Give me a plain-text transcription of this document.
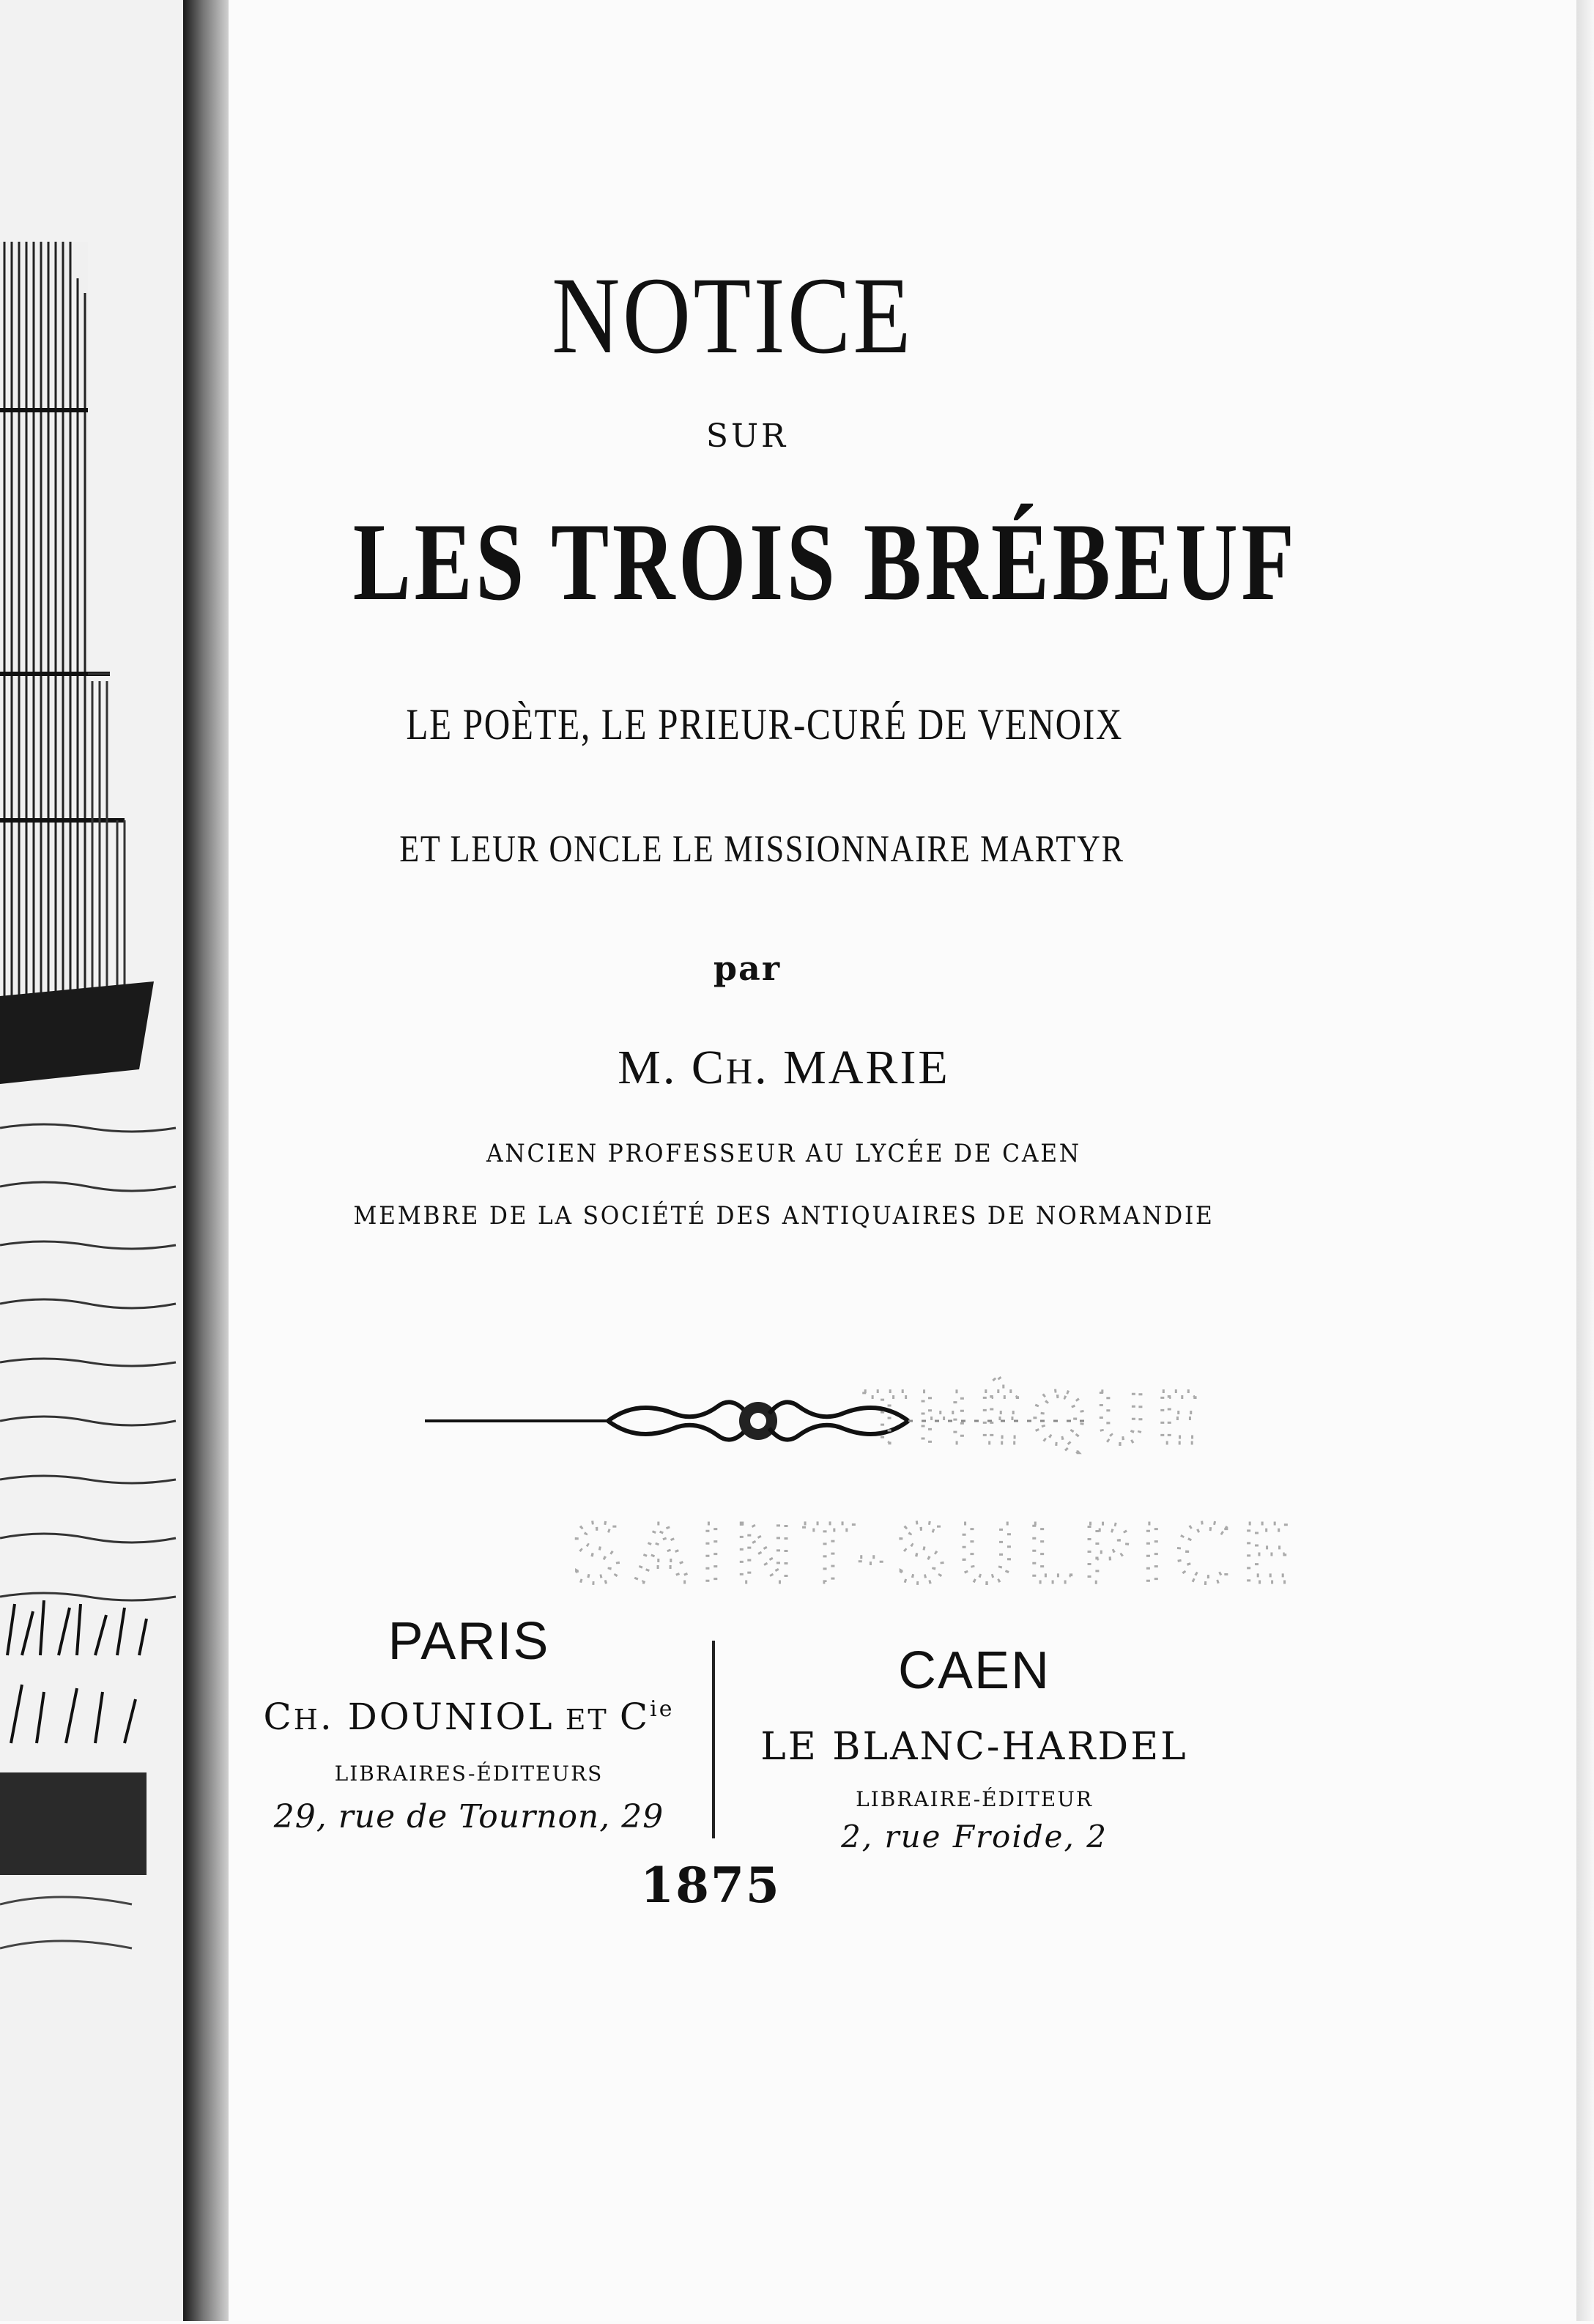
NOTICE
SUR
LES TROIS BRÉBEUF
LE POÈTE, LE PRIEUR-CURÉ DE VENOIX
ET LEUR ONCLE LE MISSIONNAIRE MARTYR
par
M. CH. MARIE
ANCIEN PROFESSEUR AU LYCÉE DE CAEN
MEMBRE DE LA SOCIÉTÉ DES ANTIQUAIRES DE NORMANDIE
THÈQUE
SAINT-SULPICE
PARIS
CH. DOUNIOL ET $C^{ie}$
LIBRAIRES-ÉDITEURS
29, rue de Tournon, 29
CAEN
LE BLANC-HARDEL
LIBRAIRE-ÉDITEUR
2, rue Froide, 2
1875
